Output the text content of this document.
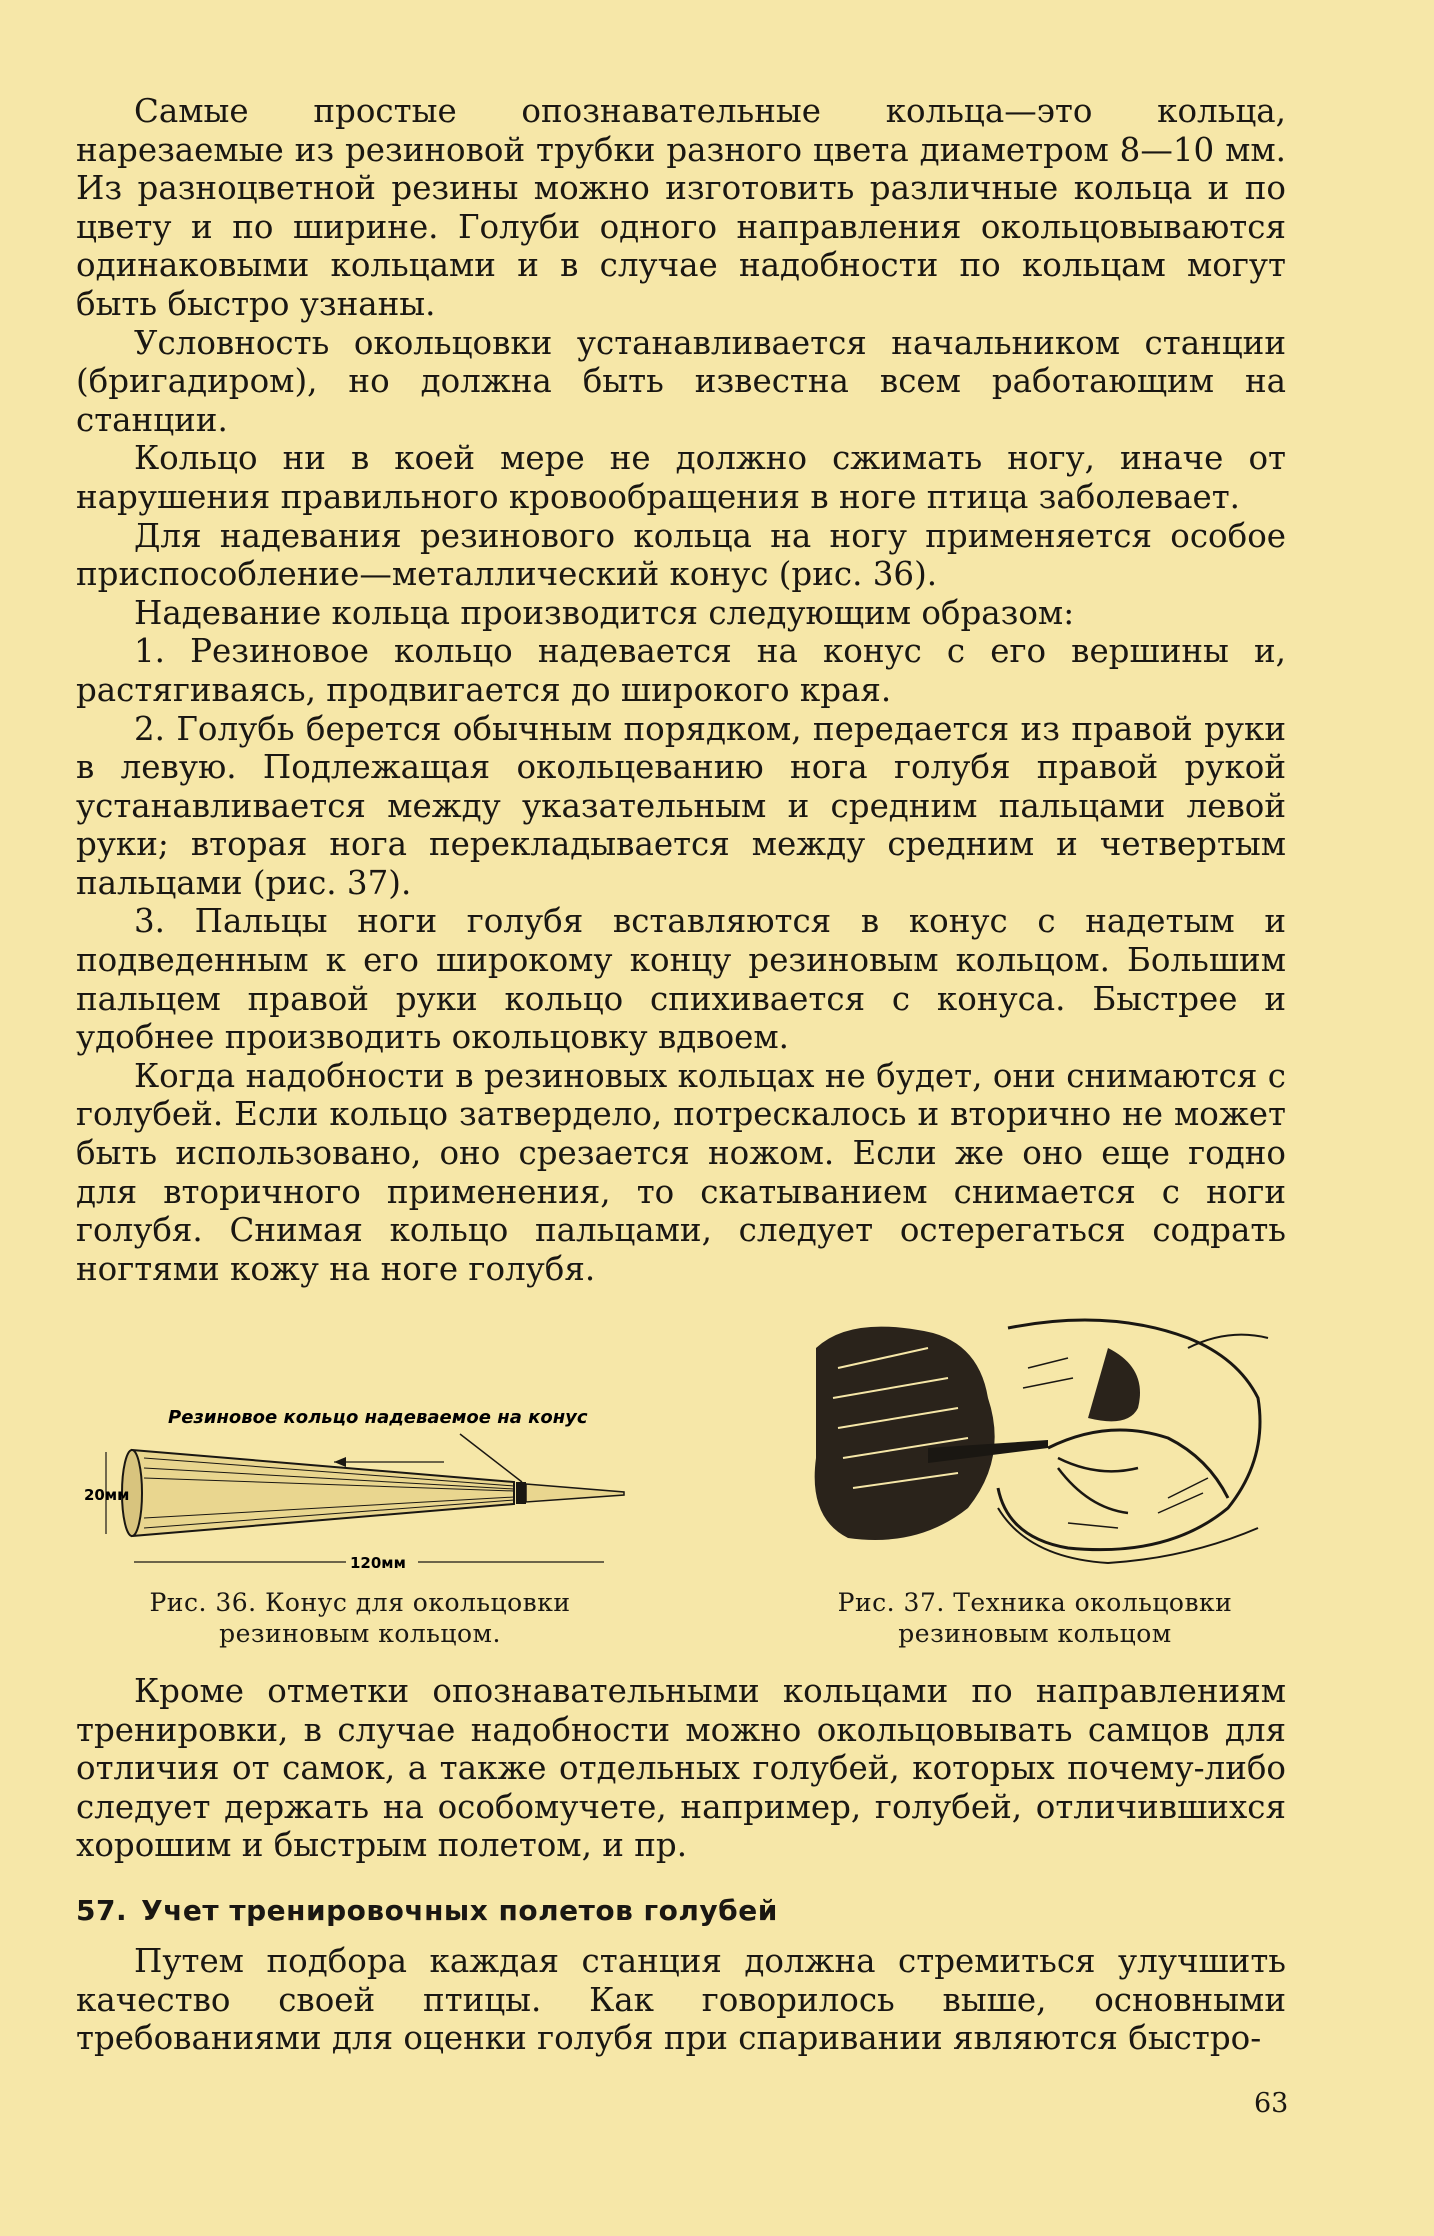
Самые простые опознавательные кольца—это кольца, нарезаемые из резиновой трубки разного цвета диаметром 8—10 мм. Из разноцветной резины можно изготовить различные кольца и по цвету и по ширине. Голуби одного направления окольцовываются одинаковыми кольцами и в случае надобности по кольцам могут быть быстро узнаны.

Условность окольцовки устанавливается начальником станции (бригадиром), но должна быть известна всем работающим на станции.

Кольцо ни в коей мере не должно сжимать ногу, иначе от нарушения правильного кровообращения в ноге птица заболевает.

Для надевания резинового кольца на ногу применяется особое приспособление—металлический конус (рис. 36).

Надевание кольца производится следующим образом:

1. Резиновое кольцо надевается на конус с его вершины и, растягиваясь, продвигается до широкого края.

2. Голубь берется обычным порядком, передается из правой руки в левую. Подлежащая окольцеванию нога голубя правой рукой устанавливается между указательным и средним пальцами левой руки; вторая нога перекладывается между средним и четвертым пальцами (рис. 37).

3. Пальцы ноги голубя вставляются в конус с надетым и подведенным к его широкому концу резиновым кольцом. Большим пальцем правой руки кольцо спихивается с конуса. Быстрее и удобнее производить окольцовку вдвоем.

Когда надобности в резиновых кольцах не будет, они снимаются с голубей. Если кольцо затвердело, потрескалось и вторично не может быть использовано, оно срезается ножом. Если же оно еще годно для вторичного применения, то скатыванием снимается с ноги голубя. Снимая кольцо пальцами, следует остерегаться содрать ногтями кожу на ноге голубя.

Резиновое кольцо надеваемое на конус
20мм
120мм
Рис. 36. Конус для окольцовки
резиновым кольцом.
Рис. 37. Техника окольцовки
резиновым кольцом

Кроме отметки опознавательными кольцами по направлениям тренировки, в случае надобности можно окольцовывать самцов для отличия от самок, а также отдельных голубей, которых почему-либо следует держать на особомучете, например, голубей, отличившихся хорошим и быстрым полетом, и пр.

57. Учет тренировочных полетов голубей

Путем подбора каждая станция должна стремиться улучшить качество своей птицы. Как говорилось выше, основными требованиями для оценки голубя при спаривании являются быстро-

63
